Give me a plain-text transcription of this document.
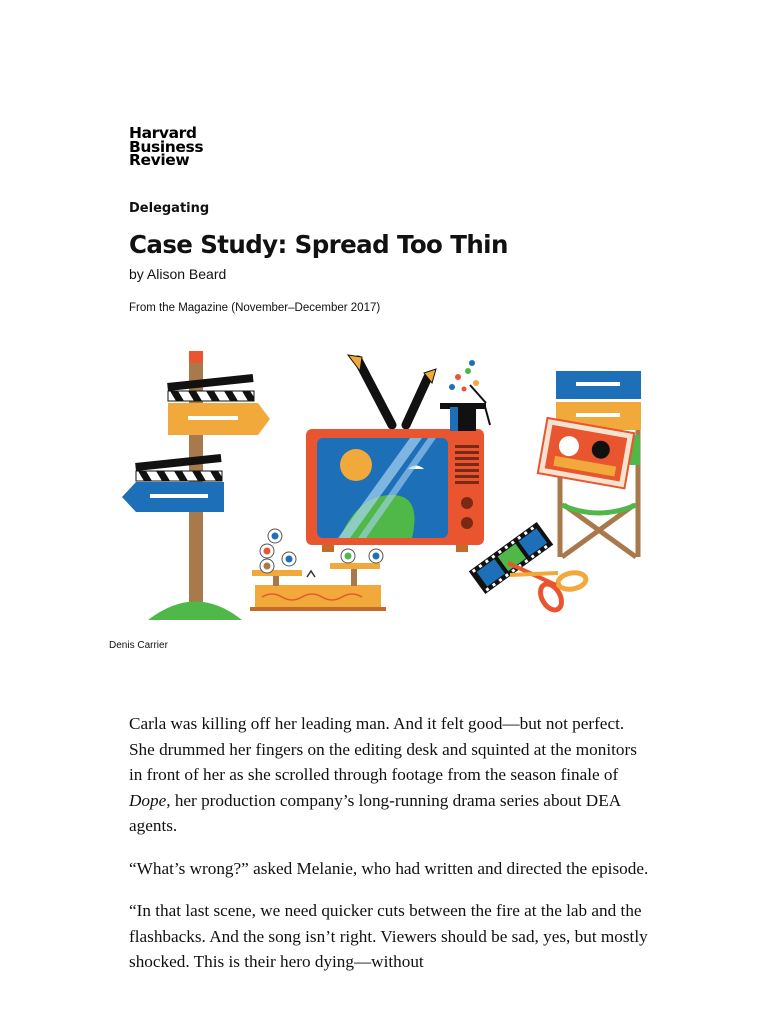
Harvard
Business
Review
Delegating
Case Study: Spread Too Thin
by Alison Beard
From the Magazine (November–December 2017)
Denis Carrier

Carla was killing off her leading man. And it felt good—but not perfect. She drummed her fingers on the editing desk and squinted at the monitors in front of her as she scrolled through footage from the season finale of Dope, her production company’s long-running drama series about DEA agents.

“What’s wrong?” asked Melanie, who had written and directed the episode.

“In that last scene, we need quicker cuts between the fire at the lab and the flashbacks. And the song isn’t right. Viewers should be sad, yes, but mostly shocked. This is their hero dying—without
